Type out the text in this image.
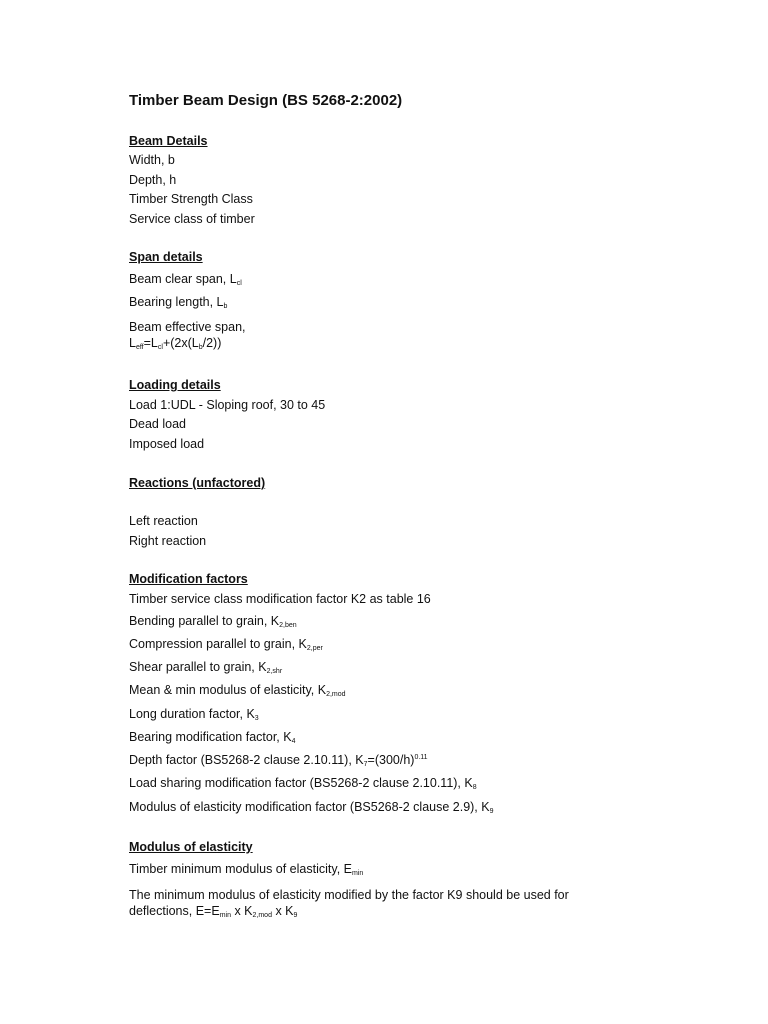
Timber Beam Design (BS 5268-2:2002)
Beam Details
Width, b
Depth, h
Timber Strength Class
Service class of timber
Span details
Beam clear span, $L_{cl}$
Bearing length, $L_b$
Beam effective span,
$L_{eff}=L_{cl}+(2x(L_b/2))$
Loading details
Load 1:UDL - Sloping roof, 30 to 45
Dead load
Imposed load
Reactions (unfactored)
Left reaction
Right reaction
Modification factors
Timber service class modification factor K2 as table 16
Bending parallel to grain, $K_{2,ben}$
Compression parallel to grain, $K_{2,per}$
Shear parallel to grain, $K_{2,shr}$
Mean & min modulus of elasticity, $K_{2,mod}$
Long duration factor, $K_3$
Bearing modification factor, $K_4$
Depth factor (BS5268-2 clause 2.10.11), $K_7=(300/h)^{0.11}$
Load sharing modification factor (BS5268-2 clause 2.10.11), $K_8$
Modulus of elasticity modification factor (BS5268-2 clause 2.9), $K_9$
Modulus of elasticity
Timber minimum modulus of elasticity, $E_{min}$
The minimum modulus of elasticity modified by the factor K9 should be used for
deflections, $E=E_{min}$ x $K_{2,mod}$ x $K_9$
